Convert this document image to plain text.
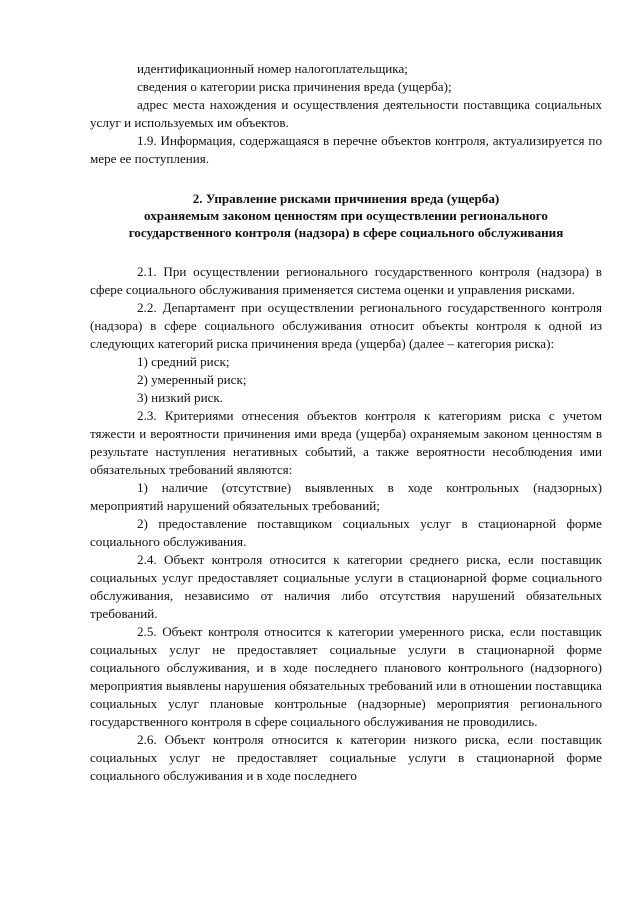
идентификационный номер налогоплательщика;

сведения о категории риска причинения вреда (ущерба);

адрес места нахождения и осуществления деятельности поставщика социальных услуг и используемых им объектов.

1.9. Информация, содержащаяся в перечне объектов контроля, актуализируется по мере ее поступления.

2. Управление рисками причинения вреда (ущерба)
охраняемым законом ценностям при осуществлении регионального
государственного контроля (надзора) в сфере социального обслуживания

2.1. При осуществлении регионального государственного контроля (надзора) в сфере социального обслуживания применяется система оценки и управления рисками.

2.2. Департамент при осуществлении регионального государственного контроля (надзора) в сфере социального обслуживания относит объекты контроля к одной из следующих категорий риска причинения вреда (ущерба) (далее – категория риска):

1) средний риск;

2) умеренный риск;

3) низкий риск.

2.3. Критериями отнесения объектов контроля к категориям риска с учетом тяжести и вероятности причинения ими вреда (ущерба) охраняемым законом ценностям в результате наступления негативных событий, а также вероятности несоблюдения ими обязательных требований являются:

1) наличие (отсутствие) выявленных в ходе контрольных (надзорных) мероприятий нарушений обязательных требований;

2) предоставление поставщиком социальных услуг в стационарной форме социального обслуживания.

2.4. Объект контроля относится к категории среднего риска, если поставщик социальных услуг предоставляет социальные услуги в стационарной форме социального обслуживания, независимо от наличия либо отсутствия нарушений обязательных требований.

2.5. Объект контроля относится к категории умеренного риска, если поставщик социальных услуг не предоставляет социальные услуги в стационарной форме социального обслуживания, и в ходе последнего планового контрольного (надзорного) мероприятия выявлены нарушения обязательных требований или в отношении поставщика социальных услуг плановые контрольные (надзорные) мероприятия регионального государственного контроля в сфере социального обслуживания не проводились.

2.6. Объект контроля относится к категории низкого риска, если поставщик социальных услуг не предоставляет социальные услуги в стационарной форме социального обслуживания и в ходе последнего
